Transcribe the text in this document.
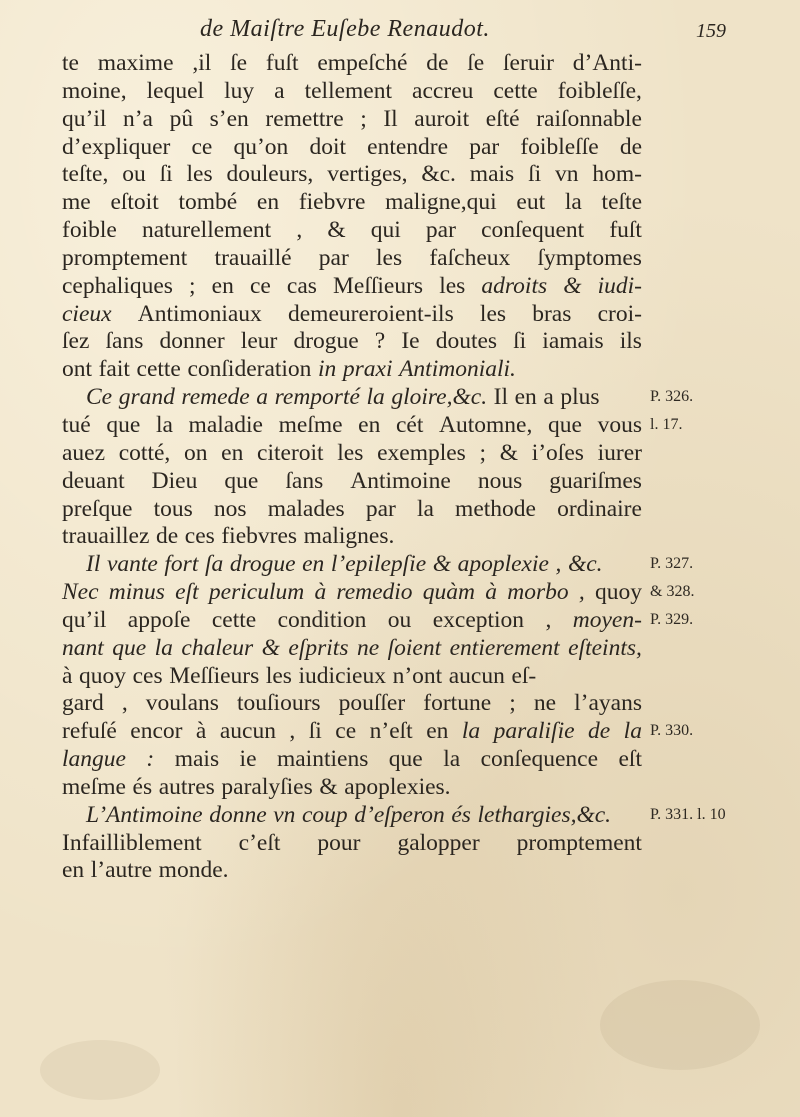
de Maiſtre Euſebe Renaudot.	159
te maxime ,il ſe fuſt empeſché de ſe ſeruir d’Anti-
moine, lequel luy a tellement accreu cette foibleſſe,
qu’il n’a pû s’en remettre ; Il auroit eſté raiſonnable
d’expliquer ce qu’on doit entendre par foibleſſe de
teſte, ou ſi les douleurs, vertiges, &c. mais ſi vn hom-
me eſtoit tombé en fiebvre maligne,qui eut la teſte
foible naturellement , & qui par conſequent fuſt
promptement trauaillé par les faſcheux ſymptomes
cephaliques ; en ce cas Meſſieurs les adroits & iudi-
cieux Antimoniaux demeureroient-ils les bras croi-
ſez ſans donner leur drogue ? Ie doutes ſi iamais ils
ont fait cette conſideration in praxi Antimoniali.
Ce grand remede a remporté la gloire,&c. Il en a plus
tué que la maladie meſme en cét Automne, que vous
auez cotté, on en citeroit les exemples ; & i’oſes iurer
deuant Dieu que ſans Antimoine nous guariſmes
preſque tous nos malades par la methode ordinaire
trauaillez de ces fiebvres malignes.
Il vante fort ſa drogue en l’epilepſie & apoplexie , &c.
Nec minus eſt periculum à remedio quàm à morbo , quoy
qu’il appoſe cette condition ou exception , moyen-
nant que la chaleur & eſprits ne ſoient entierement eſteints,
à quoy ces Meſſieurs les iudicieux n’ont aucun eſ-
gard , voulans touſiours pouſſer fortune ; ne l’ayans
refuſé encor à aucun , ſi ce n’eſt en la paraliſie de la
langue : mais ie maintiens que la conſequence eſt
meſme és autres paralyſies & apoplexies.
L’Antimoine donne vn coup d’eſperon és lethargies,&c.
Infailliblement c’eſt pour galopper promptement
en l’autre monde.
P. 326.
l. 17.
P. 327.
& 328.
P. 329.
P. 330.
P. 331. l. 10
